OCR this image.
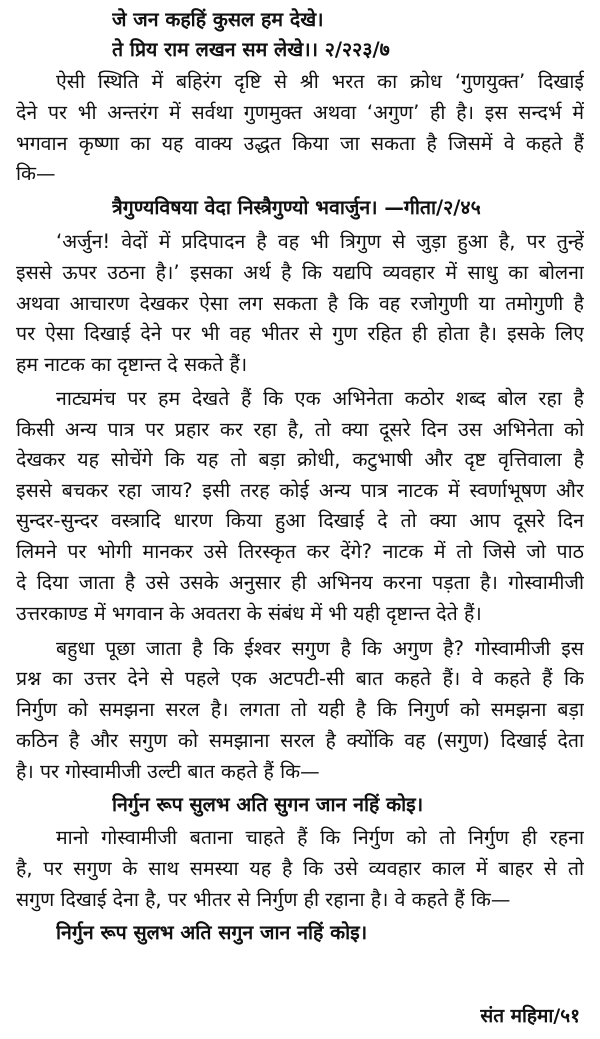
जे जन कहहिं कुसल हम देखे।
ते प्रिय राम लखन सम लेखे।। २/२२३/७
ऐसी स्थिति में बहिरंग दृष्टि से श्री भरत का क्रोध ‘गुणयुक्त’ दिखाई
देने पर भी अन्तरंग में सर्वथा गुणमुक्त अथवा ‘अगुण’ ही है। इस सन्दर्भ में
भगवान कृष्णा का यह वाक्य उद्धत किया जा सकता है जिसमें वे कहते हैं
कि—
त्रैगुण्यविषया वेदा निस्त्रैगुण्यो भवार्जुन। —गीता/२/४५
‘अर्जुन! वेदों में प्रदिपादन है वह भी त्रिगुण से जुड़ा हुआ है, पर तुन्हें
इससे ऊपर उठना है।’ इसका अर्थ है कि यद्यपि व्यवहार में साधु का बोलना
अथवा आचारण देखकर ऐसा लग सकता है कि वह रजोगुणी या तमोगुणी है
पर ऐसा दिखाई देने पर भी वह भीतर से गुण रहित ही होता है। इसके लिए
हम नाटक का दृष्टान्त दे सकते हैं।
नाट्यमंच पर हम देखते हैं कि एक अभिनेता कठोर शब्द बोल रहा है
किसी अन्य पात्र पर प्रहार कर रहा है, तो क्या दूसरे दिन उस अभिनेता को
देखकर यह सोचेंगे कि यह तो बड़ा क्रोधी, कटुभाषी और दृष्ट वृत्तिवाला है
इससे बचकर रहा जाय? इसी तरह कोई अन्य पात्र नाटक में स्वर्णाभूषण और
सुन्दर-सुन्दर वस्त्रादि धारण किया हुआ दिखाई दे तो क्या आप दूसरे दिन
लिमने पर भोगी मानकर उसे तिरस्कृत कर देंगे? नाटक में तो जिसे जो पाठ
दे दिया जाता है उसे उसके अनुसार ही अभिनय करना पड़ता है। गोस्वामीजी
उत्तरकाण्ड में भगवान के अवतरा के संबंध में भी यही दृष्टान्त देते हैं।
बहुधा पूछा जाता है कि ईश्वर सगुण है कि अगुण है? गोस्वामीजी इस
प्रश्न का उत्तर देने से पहले एक अटपटी-सी बात कहते हैं। वे कहते हैं कि
निर्गुण को समझना सरल है। लगता तो यही है कि निगुर्ण को समझना बड़ा
कठिन है और सगुण को समझाना सरल है क्योंकि वह (सगुण) दिखाई देता
है। पर गोस्वामीजी उल्टी बात कहते हैं कि—
निर्गुन रूप सुलभ अति सुगन जान नहिं कोइ।
मानो गोस्वामीजी बताना चाहते हैं कि निर्गुण को तो निर्गुण ही रहना
है, पर सगुण के साथ समस्या यह है कि उसे व्यवहार काल में बाहर से तो
सगुण दिखाई देना है, पर भीतर से निर्गुण ही रहाना है। वे कहते हैं कि—
निर्गुन रूप सुलभ अति सगुन जान नहिं कोइ।
संत महिमा/५१
